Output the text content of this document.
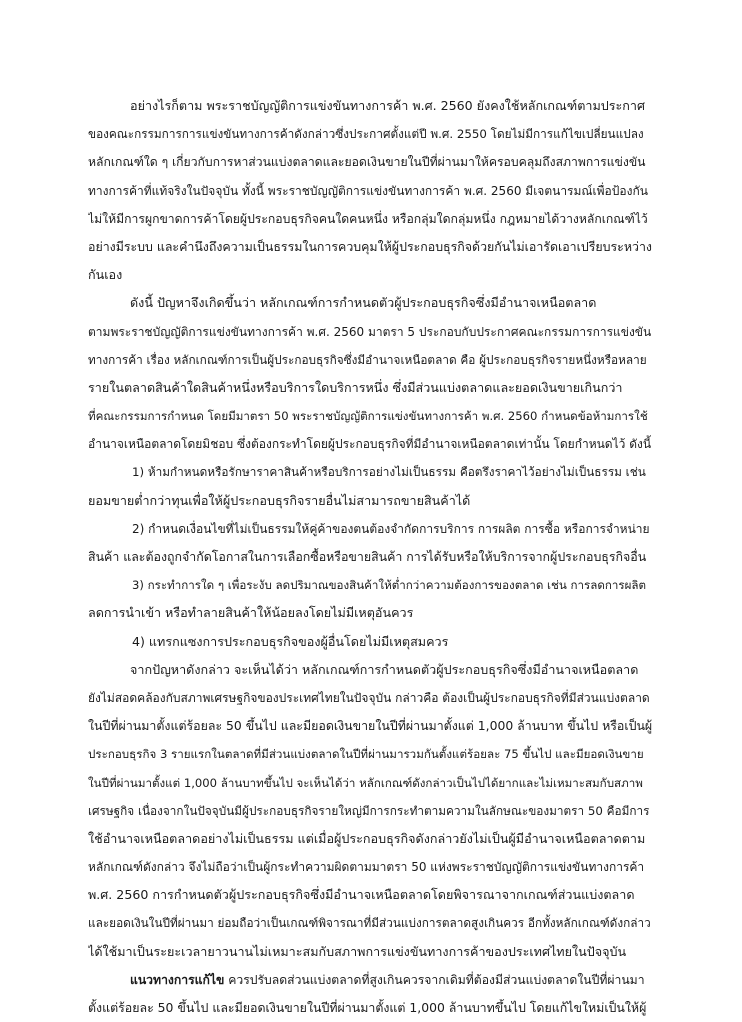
อย่างไรก็ตาม พระราชบัญญัติการแข่งขันทางการค้า พ.ศ. 2560 ยังคงใช้หลักเกณฑ์ตามประกาศ
ของคณะกรรมการการแข่งขันทางการค้าดังกล่าวซึ่งประกาศตั้งแต่ปี พ.ศ. 2550 โดยไม่มีการแก้ไขเปลี่ยนแปลง
หลักเกณฑ์ใด ๆ เกี่ยวกับการหาส่วนแบ่งตลาดและยอดเงินขายในปีที่ผ่านมาให้ครอบคลุมถึงสภาพการแข่งขัน
ทางการค้าที่แท้จริงในปัจจุบัน ทั้งนี้ พระราชบัญญัติการแข่งขันทางการค้า พ.ศ. 2560 มีเจตนารมณ์เพื่อป้องกัน
ไม่ให้มีการผูกขาดการค้าโดยผู้ประกอบธุรกิจคนใดคนหนึ่ง หรือกลุ่มใดกลุ่มหนึ่ง กฎหมายได้วางหลักเกณฑ์ไว้
อย่างมีระบบ และคำนึงถึงความเป็นธรรมในการควบคุมให้ผู้ประกอบธุรกิจด้วยกันไม่เอารัดเอาเปรียบระหว่าง
กันเอง
ดังนี้ ปัญหาจึงเกิดขึ้นว่า หลักเกณฑ์การกำหนดตัวผู้ประกอบธุรกิจซึ่งมีอำนาจเหนือตลาด
ตามพระราชบัญญัติการแข่งขันทางการค้า พ.ศ. 2560 มาตรา 5 ประกอบกับประกาศคณะกรรมการการแข่งขัน
ทางการค้า เรื่อง หลักเกณฑ์การเป็นผู้ประกอบธุรกิจซึ่งมีอำนาจเหนือตลาด คือ ผู้ประกอบธุรกิจรายหนึ่งหรือหลาย
รายในตลาดสินค้าใดสินค้าหนึ่งหรือบริการใดบริการหนึ่ง ซึ่งมีส่วนแบ่งตลาดและยอดเงินขายเกินกว่า
ที่คณะกรรมการกำหนด โดยมีมาตรา 50 พระราชบัญญัติการแข่งขันทางการค้า พ.ศ. 2560 กำหนดข้อห้ามการใช้
อำนาจเหนือตลาดโดยมิชอบ ซึ่งต้องกระทำโดยผู้ประกอบธุรกิจที่มีอำนาจเหนือตลาดเท่านั้น โดยกำหนดไว้ ดังนี้
1) ห้ามกำหนดหรือรักษาราคาสินค้าหรือบริการอย่างไม่เป็นธรรม คือตรึงราคาไว้อย่างไม่เป็นธรรม เช่น
ยอมขายต่ำกว่าทุนเพื่อให้ผู้ประกอบธุรกิจรายอื่นไม่สามารถขายสินค้าได้
2) กำหนดเงื่อนไขที่ไม่เป็นธรรมให้คู่ค้าของตนต้องจำกัดการบริการ การผลิต การซื้อ หรือการจำหน่าย
สินค้า และต้องถูกจำกัดโอกาสในการเลือกซื้อหรือขายสินค้า การได้รับหรือให้บริการจากผู้ประกอบธุรกิจอื่น
3) กระทำการใด ๆ เพื่อระงับ ลดปริมาณของสินค้าให้ต่ำกว่าความต้องการของตลาด เช่น การลดการผลิต
ลดการนำเข้า หรือทำลายสินค้าให้น้อยลงโดยไม่มีเหตุอันควร
4) แทรกแซงการประกอบธุรกิจของผู้อื่นโดยไม่มีเหตุสมควร
จากปัญหาดังกล่าว จะเห็นได้ว่า หลักเกณฑ์การกำหนดตัวผู้ประกอบธุรกิจซึ่งมีอำนาจเหนือตลาด
ยังไม่สอดคล้องกับสภาพเศรษฐกิจของประเทศไทยในปัจจุบัน กล่าวคือ ต้องเป็นผู้ประกอบธุรกิจที่มีส่วนแบ่งตลาด
ในปีที่ผ่านมาตั้งแต่ร้อยละ 50 ขึ้นไป และมียอดเงินขายในปีที่ผ่านมาตั้งแต่ 1,000 ล้านบาท ขึ้นไป หรือเป็นผู้
ประกอบธุรกิจ 3 รายแรกในตลาดที่มีส่วนแบ่งตลาดในปีที่ผ่านมารวมกันตั้งแต่ร้อยละ 75 ขึ้นไป และมียอดเงินขาย
ในปีที่ผ่านมาตั้งแต่ 1,000 ล้านบาทขึ้นไป จะเห็นได้ว่า หลักเกณฑ์ดังกล่าวเป็นไปได้ยากและไม่เหมาะสมกับสภาพ
เศรษฐกิจ เนื่องจากในปัจจุบันมีผู้ประกอบธุรกิจรายใหญ่มีการกระทำตามความในลักษณะของมาตรา 50 คือมีการ
ใช้อำนาจเหนือตลาดอย่างไม่เป็นธรรม แต่เมื่อผู้ประกอบธุรกิจดังกล่าวยังไม่เป็นผู้มีอำนาจเหนือตลาดตาม
หลักเกณฑ์ดังกล่าว จึงไม่ถือว่าเป็นผู้กระทำความผิดตามมาตรา 50 แห่งพระราชบัญญัติการแข่งขันทางการค้า
พ.ศ. 2560 การกำหนดตัวผู้ประกอบธุรกิจซึ่งมีอำนาจเหนือตลาดโดยพิจารณาจากเกณฑ์ส่วนแบ่งตลาด
และยอดเงินในปีที่ผ่านมา ย่อมถือว่าเป็นเกณฑ์พิจารณาที่มีส่วนแบ่งการตลาดสูงเกินควร อีกทั้งหลักเกณฑ์ดังกล่าว
ได้ใช้มาเป็นระยะเวลายาวนานไม่เหมาะสมกับสภาพการแข่งขันทางการค้าของประเทศไทยในปัจจุบัน
แนวทางการแก้ไข ควรปรับลดส่วนแบ่งตลาดที่สูงเกินควรจากเดิมที่ต้องมีส่วนแบ่งตลาดในปีที่ผ่านมา
ตั้งแต่ร้อยละ 50 ขึ้นไป และมียอดเงินขายในปีที่ผ่านมาตั้งแต่ 1,000 ล้านบาทขึ้นไป โดยแก้ไขใหม่เป็นให้ผู้
